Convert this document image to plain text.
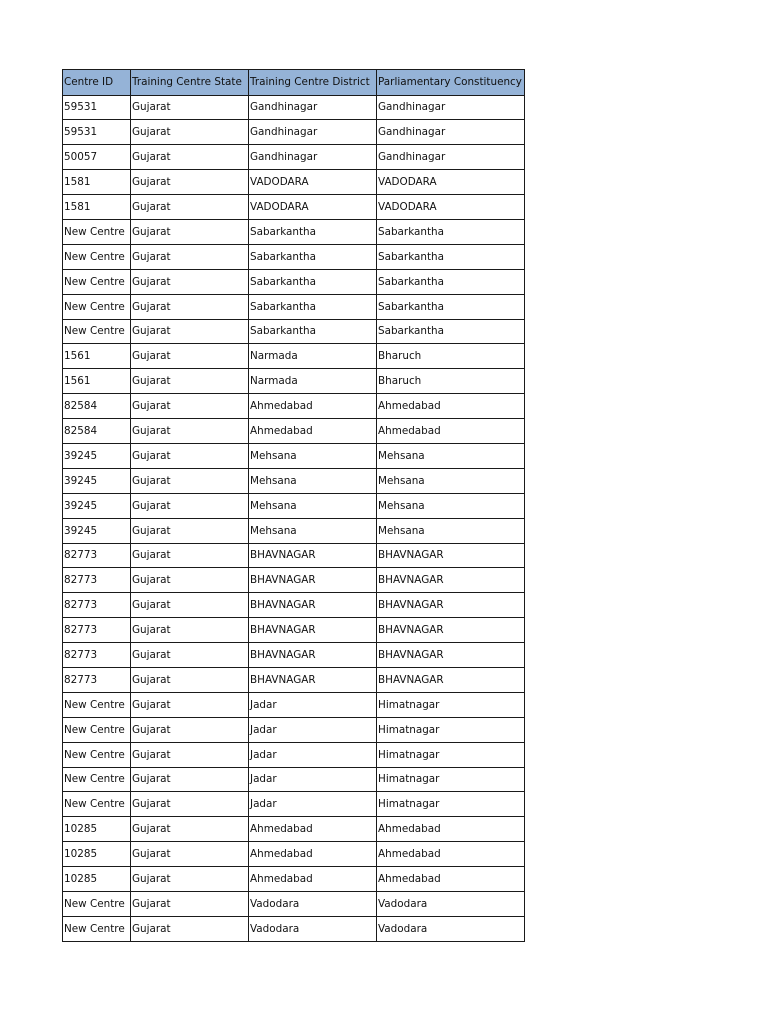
Centre ID	Training Centre State	Training Centre District	Parliamentary Constituency
59531	Gujarat	Gandhinagar	Gandhinagar
59531	Gujarat	Gandhinagar	Gandhinagar
50057	Gujarat	Gandhinagar	Gandhinagar
1581	Gujarat	VADODARA	VADODARA
1581	Gujarat	VADODARA	VADODARA
New Centre	Gujarat	Sabarkantha	Sabarkantha
New Centre	Gujarat	Sabarkantha	Sabarkantha
New Centre	Gujarat	Sabarkantha	Sabarkantha
New Centre	Gujarat	Sabarkantha	Sabarkantha
New Centre	Gujarat	Sabarkantha	Sabarkantha
1561	Gujarat	Narmada	Bharuch
1561	Gujarat	Narmada	Bharuch
82584	Gujarat	Ahmedabad	Ahmedabad
82584	Gujarat	Ahmedabad	Ahmedabad
39245	Gujarat	Mehsana	Mehsana
39245	Gujarat	Mehsana	Mehsana
39245	Gujarat	Mehsana	Mehsana
39245	Gujarat	Mehsana	Mehsana
82773	Gujarat	BHAVNAGAR	BHAVNAGAR
82773	Gujarat	BHAVNAGAR	BHAVNAGAR
82773	Gujarat	BHAVNAGAR	BHAVNAGAR
82773	Gujarat	BHAVNAGAR	BHAVNAGAR
82773	Gujarat	BHAVNAGAR	BHAVNAGAR
82773	Gujarat	BHAVNAGAR	BHAVNAGAR
New Centre	Gujarat	Jadar	Himatnagar
New Centre	Gujarat	Jadar	Himatnagar
New Centre	Gujarat	Jadar	Himatnagar
New Centre	Gujarat	Jadar	Himatnagar
New Centre	Gujarat	Jadar	Himatnagar
10285	Gujarat	Ahmedabad	Ahmedabad
10285	Gujarat	Ahmedabad	Ahmedabad
10285	Gujarat	Ahmedabad	Ahmedabad
New Centre	Gujarat	Vadodara	Vadodara
New Centre	Gujarat	Vadodara	Vadodara
